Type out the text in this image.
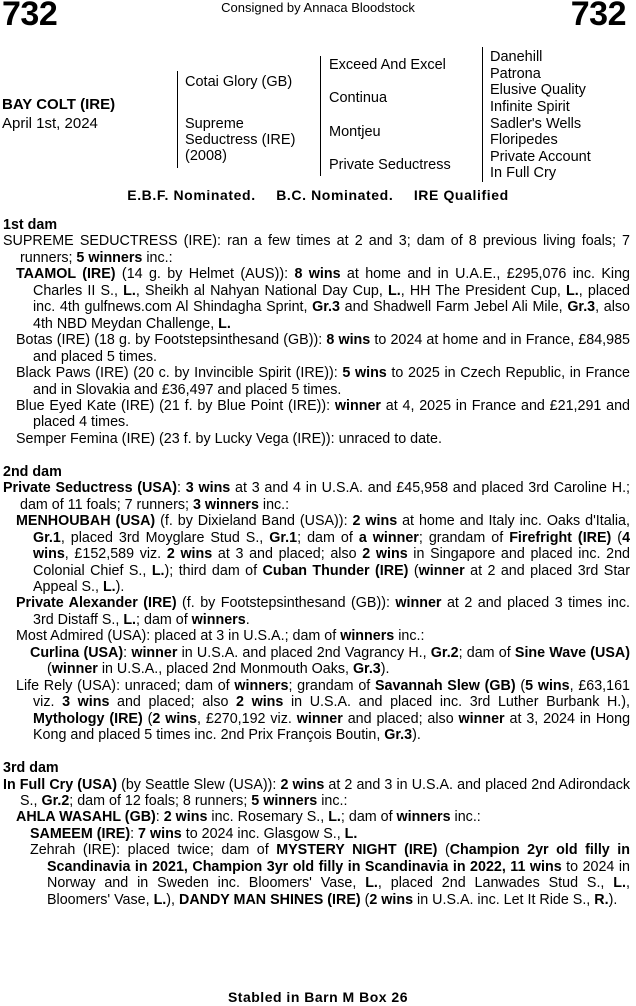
732	732
Consigned by Annaca Bloodstock
BAY COLT (IRE)
April 1st, 2024
Cotai Glory (GB)
Supreme Seductress (IRE) (2008)
Exceed And Excel
Continua
Montjeu
Private Seductress
Danehill
Patrona
Elusive Quality
Infinite Spirit
Sadler's Wells
Floripedes
Private Account
In Full Cry
E.B.F. Nominated. B.C. Nominated. IRE Qualified
1st dam
SUPREME SEDUCTRESS (IRE): ran a few times at 2 and 3; dam of 8 previous living foals; 7 runners; 5 winners inc.:
TAAMOL (IRE) (14 g. by Helmet (AUS)): 8 wins at home and in U.A.E., £295,076 inc. King Charles II S., L., Sheikh al Nahyan National Day Cup, L., HH The President Cup, L., placed inc. 4th gulfnews.com Al Shindagha Sprint, Gr.3 and Shadwell Farm Jebel Ali Mile, Gr.3, also 4th NBD Meydan Challenge, L.
Botas (IRE) (18 g. by Footstepsinthesand (GB)): 8 wins to 2024 at home and in France, £84,985 and placed 5 times.
Black Paws (IRE) (20 c. by Invincible Spirit (IRE)): 5 wins to 2025 in Czech Republic, in France and in Slovakia and £36,497 and placed 5 times.
Blue Eyed Kate (IRE) (21 f. by Blue Point (IRE)): winner at 4, 2025 in France and £21,291 and placed 4 times.
Semper Femina (IRE) (23 f. by Lucky Vega (IRE)): unraced to date.
2nd dam
Private Seductress (USA): 3 wins at 3 and 4 in U.S.A. and £45,958 and placed 3rd Caroline H.; dam of 11 foals; 7 runners; 3 winners inc.:
MENHOUBAH (USA) (f. by Dixieland Band (USA)): 2 wins at home and Italy inc. Oaks d'Italia, Gr.1, placed 3rd Moyglare Stud S., Gr.1; dam of a winner; grandam of Firefright (IRE) (4 wins, £152,589 viz. 2 wins at 3 and placed; also 2 wins in Singapore and placed inc. 2nd Colonial Chief S., L.); third dam of Cuban Thunder (IRE) (winner at 2 and placed 3rd Star Appeal S., L.).
Private Alexander (IRE) (f. by Footstepsinthesand (GB)): winner at 2 and placed 3 times inc. 3rd Distaff S., L.; dam of winners.
Most Admired (USA): placed at 3 in U.S.A.; dam of winners inc.:
Curlina (USA): winner in U.S.A. and placed 2nd Vagrancy H., Gr.2; dam of Sine Wave (USA) (winner in U.S.A., placed 2nd Monmouth Oaks, Gr.3).
Life Rely (USA): unraced; dam of winners; grandam of Savannah Slew (GB) (5 wins, £63,161 viz. 3 wins and placed; also 2 wins in U.S.A. and placed inc. 3rd Luther Burbank H.), Mythology (IRE) (2 wins, £270,192 viz. winner and placed; also winner at 3, 2024 in Hong Kong and placed 5 times inc. 2nd Prix François Boutin, Gr.3).
3rd dam
In Full Cry (USA) (by Seattle Slew (USA)): 2 wins at 2 and 3 in U.S.A. and placed 2nd Adirondack S., Gr.2; dam of 12 foals; 8 runners; 5 winners inc.:
AHLA WASAHL (GB): 2 wins inc. Rosemary S., L.; dam of winners inc.:
SAMEEM (IRE): 7 wins to 2024 inc. Glasgow S., L.
Zehrah (IRE): placed twice; dam of MYSTERY NIGHT (IRE) (Champion 2yr old filly in Scandinavia in 2021, Champion 3yr old filly in Scandinavia in 2022, 11 wins to 2024 in Norway and in Sweden inc. Bloomers' Vase, L., placed 2nd Lanwades Stud S., L., Bloomers' Vase, L.), DANDY MAN SHINES (IRE) (2 wins in U.S.A. inc. Let It Ride S., R.).
Stabled in Barn M Box 26
